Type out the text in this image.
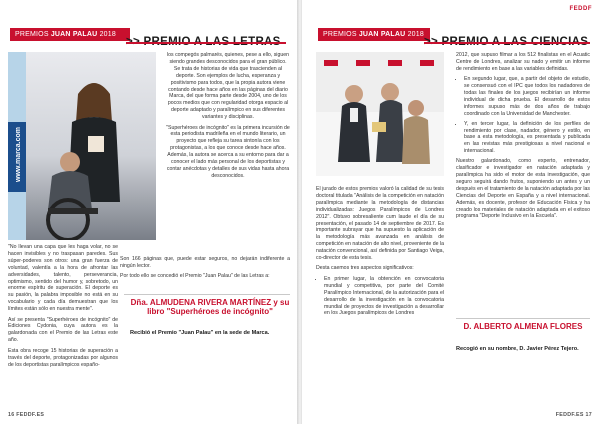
PREMIOS JUAN PALAU 2018
www.marca.com

los compegós palmarés, quienes, pese a ello, siguen siendo grandes desconocidos para el gran público. Se trata de historias de vida que trascienden al deporte. Son ejemplos de lucha, esperanza y positivismo para todos, que la propia autora viene contando desde hace años en las páginas del diario Marca, del que forma parte desde 2004, uno de los pocos medios que con regularidad otorga espacio al deporte adaptado y paralímpico en sus diferentes variantes y disciplinas.

"Superhéroes de incógnito" es la primera incursión de esta periodista madrileña en el mundo literario, un proyecto que refleja su tarea sintonía con los protagonistas, a los que conoce desde hace años. Además, la autora se acerca a su entorno para dar a conocer el lado más personal de los deportistas y contar anécdotas y detalles de sus vidas hasta ahora desconocidos.

Son 166 páginas que, puede estar seguros, no dejarán indiferente a ningún lector.

Por todo ello se concedió el Premio "Juan Palau" de las Letras a:

"No llevan una capa que les haga volar, no se hacen invisibles y no traspasan paredes. Sus súper-poderes son otros: una gran fuerza de voluntad, valentía a la hora de afrontar las adversidades, talento, perseverancia, optimismo, sentido del humor y, sobretodo, un enorme espíritu de superación. El deporte es su pasión, la palabra imposible no está en su vocabulario y cada día demuestran que los límites están sólo en nuestra mente".

Así se presenta "Superhéroes de incógnito" de Ediciones Cydonia, cuya autora es la galardonada con el Premio de las Letras este año.

Esta obra recoge 15 historias de superación a través del deporte, protagonizadas por algunos de los deportistas paralímpicos españo-

Dña. ALMUDENA RIVERA MARTÍNEZ y su libro "Superhéroes de incógnito"
Recibió el Premio "Juan Palau" en la sede de Marca.
16 FEDDF.ES
FEDDF
PREMIOS JUAN PALAU 2018

El jurado de estos premios valoró la calidad de su tesis doctoral titulada "Análisis de la competición en natación paralímpica mediante la metodología de distancias individualizadas: Juegos Paralímpicos de Londres 2012". Obtuvo sobresaliente cum laude el día de su presentación, el pasado 14 de septiembre de 2017. Es importante subrayar que ha supuesto la aplicación de la metodología más avanzada en análisis de competición en natación de alto nivel, proveniente de la natación convencional, así definida por Santiago Veiga, co-director de esta tesis.

Desta caemos tres aspectos significativos:

• En primer lugar, la obtención en convocatoria mundial y competitiva, por parte del Comité Paralímpico Internacional, de la autorización para el desarrollo de la investigación en la convocatoria mundial de proyectos de investigación a desarrollar en los Juegos paralímpicos de Londres

2012, que supuso filmar a los 512 finalistas en el Acuatic Centre de Londres, analizar su nado y emitir un informe de rendimiento en base a las variables definidas.

• En segundo lugar, que, a partir del objeto de estudio, se consensuó con el IPC que todos los nadadores de todas las finales de los juegos recibirían un informe individual de dicha prueba. El desarrollo de estos informes supuso más de dos años de trabajo coordinado con la Universidad de Manchester.
• Y, en tercer lugar, la definición de los perfiles de rendimiento por clase, nadador, género y estilo, en base a esta metodología, es presentada y publicada en las revistas más prestigiosas a nivel nacional e internacional.

Nuestro galardonado, como experto, entrenador, clasificador e investigador en natación adaptada y paralímpica ha sido el motor de esta investigación, que seguro seguirá dando frutos, suponiendo un antes y un después en el tratamiento de la natación adaptada por las Ciencias del Deporte en España y a nivel internacional. Además, es docente, profesor de Educación Física y ha creado los materiales de natación adaptada en el exitoso programa "Deporte Inclusivo en la Escuela".

D. ALBERTO ALMENA FLORES
Recogió en su nombre, D. Javier Pérez Tejero.
FEDDF.ES 17
